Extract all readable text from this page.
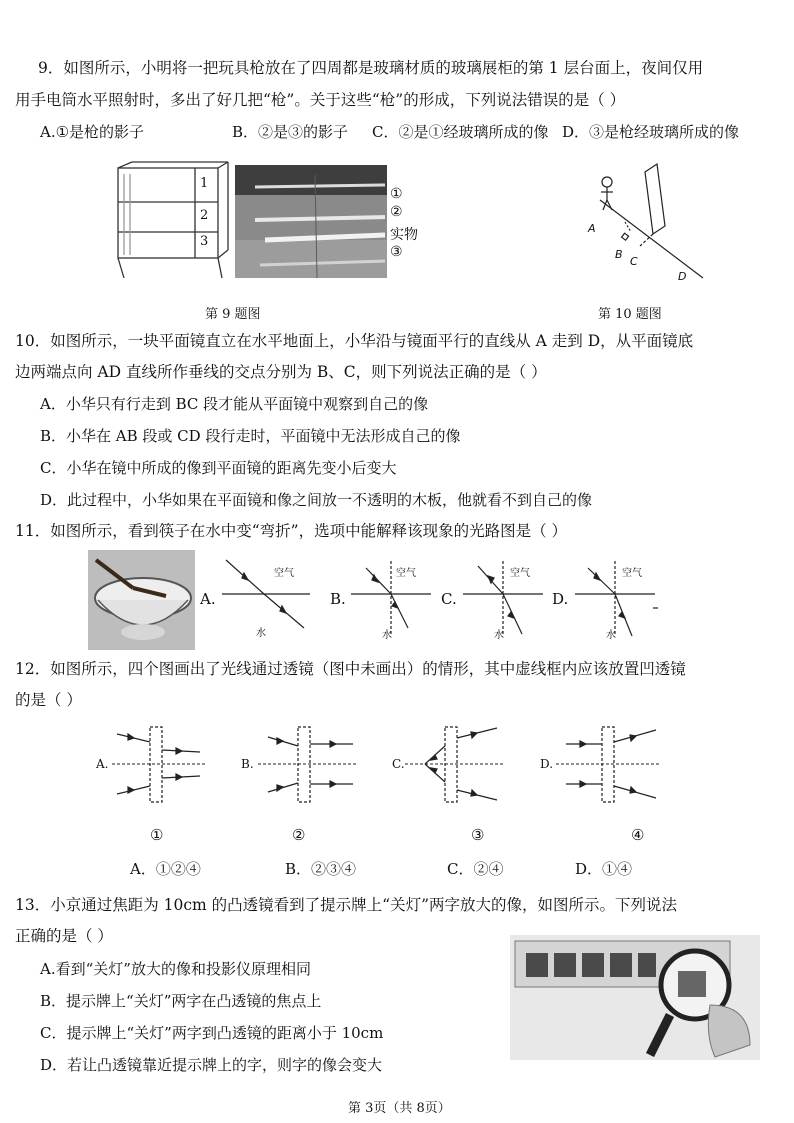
9．如图所示，小明将一把玩具枪放在了四周都是玻璃材质的玻璃展柜的第 1 层台面上，夜间仅用
用手电筒水平照射时，多出了好几把“枪”。关于这些“枪”的形成，下列说法错误的是（ ）
A.①是枪的影子	B．②是③的影子 C．②是①经玻璃所成的像 D．③是枪经玻璃所成的像
1
2
3
①
②
实物
③
第 9 题图
A
B
C
D
第 10 题图
10．如图所示，一块平面镜直立在水平地面上，小华沿与镜面平行的直线从 A 走到 D，从平面镜底
边两端点向 AD 直线所作垂线的交点分别为 B、C，则下列说法正确的是（ ）
A．小华只有行走到 BC 段才能从平面镜中观察到自己的像
B．小华在 AB 段或 CD 段行走时，平面镜中无法形成自己的像
C．小华在镜中所成的像到平面镜的距离先变小后变大
D．此过程中，小华如果在平面镜和像之间放一不透明的木板，他就看不到自己的像
11．如图所示，看到筷子在水中变“弯折”，选项中能解释该现象的光路图是（ ）
A.
空气
水
B.
空气
水
C.
空气
水
D.
空气
水
12．如图所示，四个图画出了光线通过透镜（图中未画出）的情形，其中虚线框内应该放置凹透镜
的是（ ）
A.	B.	C.	D.
①	②	③	④
A．①②④	B．②③④	C．②④	D．①④
13．小京通过焦距为 10cm 的凸透镜看到了提示牌上“关灯”两字放大的像，如图所示。下列说法
正确的是（ ）
A.看到“关灯”放大的像和投影仪原理相同
B．提示牌上“关灯”两字在凸透镜的焦点上
C．提示牌上“关灯”两字到凸透镜的距离小于 10cm
D．若让凸透镜靠近提示牌上的字，则字的像会变大
第 3页（共 8页）
